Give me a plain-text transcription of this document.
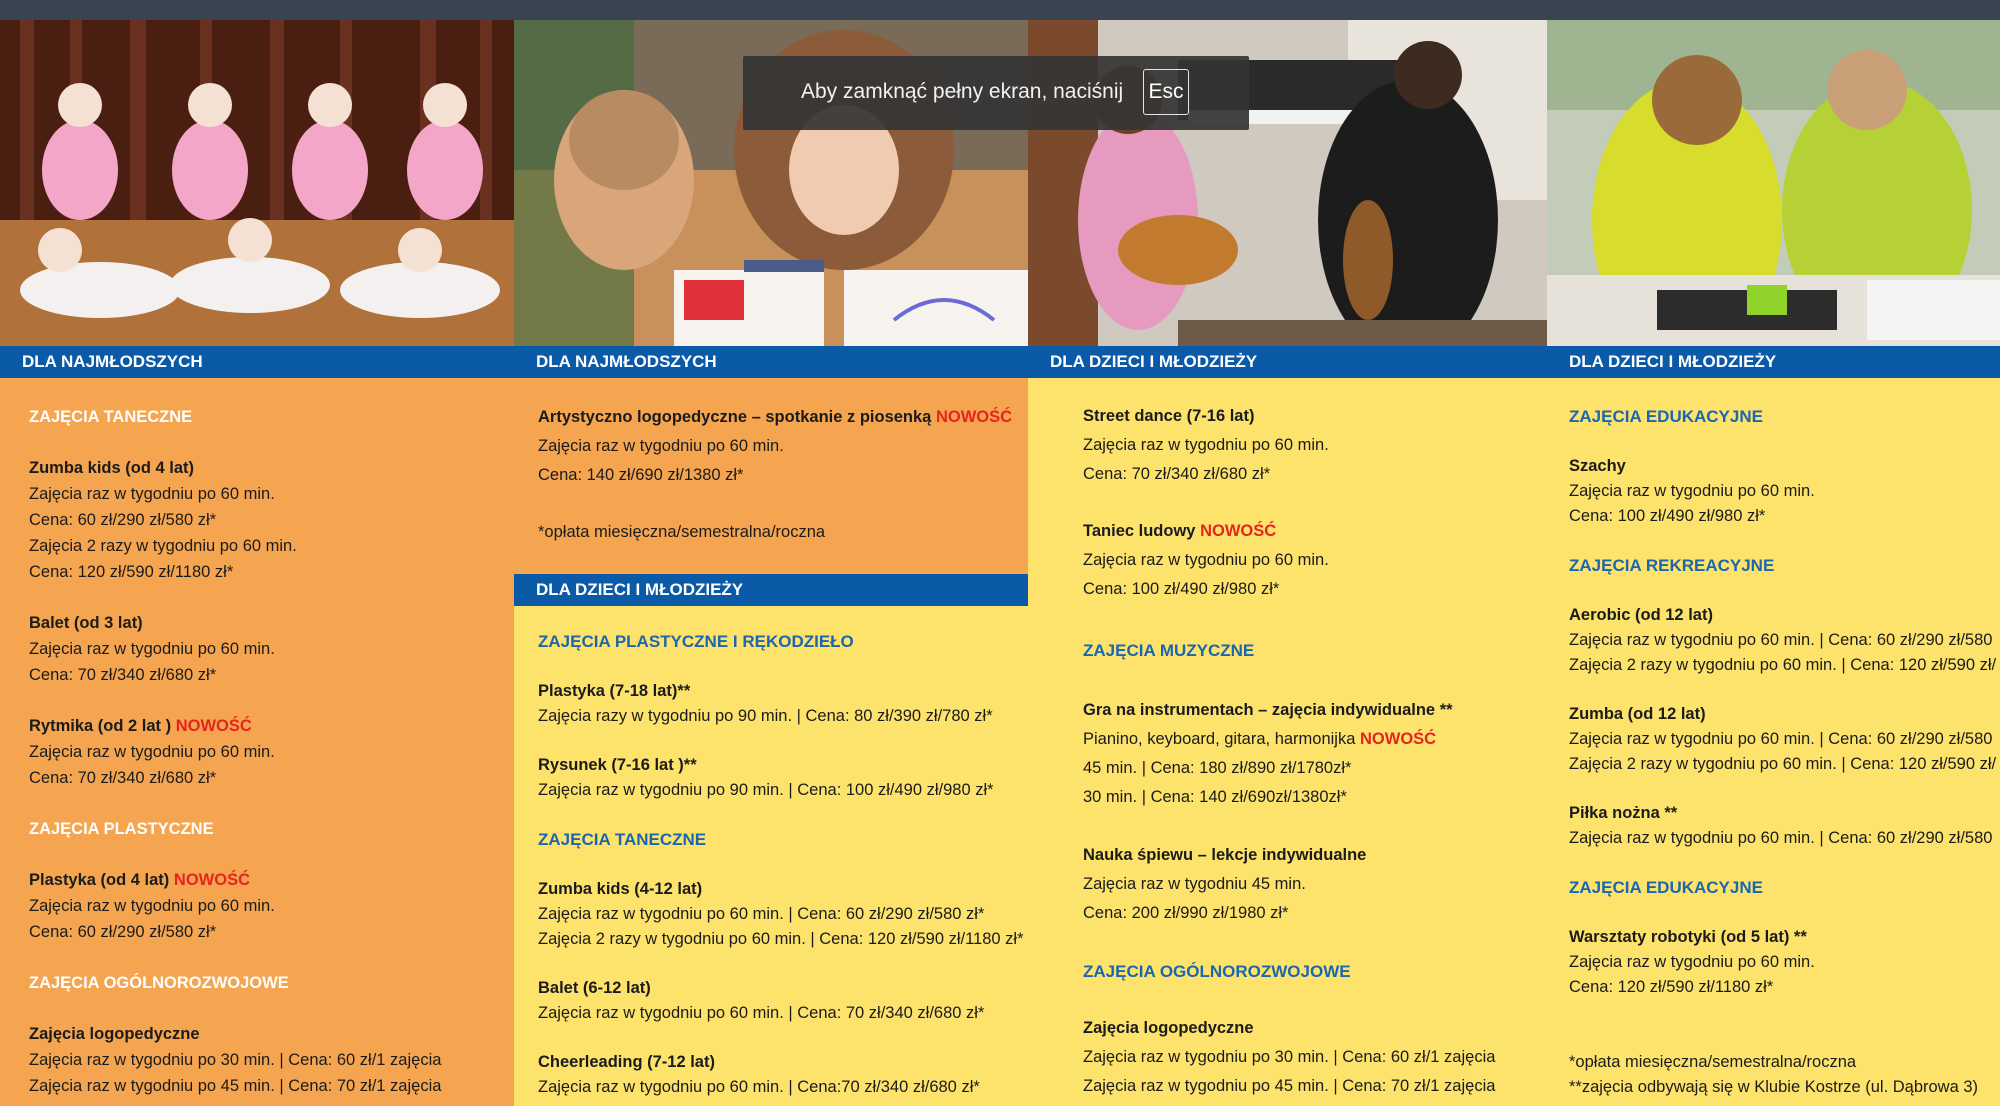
DLA NAJMŁODSZYCH
ZAJĘCIA TANECZNE
Zumba kids (od 4 lat)
Zajęcia raz w tygodniu po 60 min.
Cena: 60 zł/290 zł/580 zł*
Zajęcia 2 razy w tygodniu po 60 min.
Cena: 120 zł/590 zł/1180 zł*
Balet (od 3 lat)
Zajęcia raz w tygodniu po 60 min.
Cena: 70 zł/340 zł/680 zł*
Rytmika (od 2 lat ) NOWOŚĆ
Zajęcia raz w tygodniu po 60 min.
Cena: 70 zł/340 zł/680 zł*
ZAJĘCIA PLASTYCZNE
Plastyka (od 4 lat) NOWOŚĆ
Zajęcia raz w tygodniu po 60 min.
Cena: 60 zł/290 zł/580 zł*
ZAJĘCIA OGÓLNOROZWOJOWE
Zajęcia logopedyczne
Zajęcia raz w tygodniu po 30 min. | Cena: 60 zł/1 zajęcia
Zajęcia raz w tygodniu po 45 min. | Cena: 70 zł/1 zajęcia
DLA NAJMŁODSZYCH
Artystyczno logopedyczne – spotkanie z piosenką NOWOŚĆ
Zajęcia raz w tygodniu po 60 min.
Cena: 140 zł/690 zł/1380 zł*
*opłata miesięczna/semestralna/roczna
DLA DZIECI I MŁODZIEŻY
ZAJĘCIA PLASTYCZNE I RĘKODZIEŁO
Plastyka (7-18 lat)**
Zajęcia razy w tygodniu po 90 min. | Cena: 80 zł/390 zł/780 zł*
Rysunek (7-16 lat )**
Zajęcia raz w tygodniu po 90 min. | Cena: 100 zł/490 zł/980 zł*
ZAJĘCIA TANECZNE
Zumba kids (4-12 lat)
Zajęcia raz w tygodniu po 60 min. | Cena: 60 zł/290 zł/580 zł*
Zajęcia 2 razy w tygodniu po 60 min. | Cena: 120 zł/590 zł/1180 zł*
Balet (6-12 lat)
Zajęcia raz w tygodniu po 60 min. | Cena: 70 zł/340 zł/680 zł*
Cheerleading (7-12 lat)
Zajęcia raz w tygodniu po 60 min. | Cena:70 zł/340 zł/680 zł*
DLA DZIECI I MŁODZIEŻY
Street dance (7-16 lat)
Zajęcia raz w tygodniu po 60 min.
Cena: 70 zł/340 zł/680 zł*
Taniec ludowy NOWOŚĆ
Zajęcia raz w tygodniu po 60 min.
Cena: 100 zł/490 zł/980 zł*
ZAJĘCIA MUZYCZNE
Gra na instrumentach – zajęcia indywidualne **
Pianino, keyboard, gitara, harmonijka NOWOŚĆ
45 min. | Cena: 180 zł/890 zł/1780zł*
30 min. | Cena: 140 zł/690zł/1380zł*
Nauka śpiewu – lekcje indywidualne
Zajęcia raz w tygodniu 45 min.
Cena: 200 zł/990 zł/1980 zł*
ZAJĘCIA OGÓLNOROZWOJOWE
Zajęcia logopedyczne
Zajęcia raz w tygodniu po 30 min. | Cena: 60 zł/1 zajęcia
Zajęcia raz w tygodniu po 45 min. | Cena: 70 zł/1 zajęcia
DLA DZIECI I MŁODZIEŻY
ZAJĘCIA EDUKACYJNE
Szachy
Zajęcia raz w tygodniu po 60 min.
Cena: 100 zł/490 zł/980 zł*
ZAJĘCIA REKREACYJNE
Aerobic (od 12 lat)
Zajęcia raz w tygodniu po 60 min. | Cena: 60 zł/290 zł/580
Zajęcia 2 razy w tygodniu po 60 min. | Cena: 120 zł/590 zł/
Zumba (od 12 lat)
Zajęcia raz w tygodniu po 60 min. | Cena: 60 zł/290 zł/580
Zajęcia 2 razy w tygodniu po 60 min. | Cena: 120 zł/590 zł/
Piłka nożna **
Zajęcia raz w tygodniu po 60 min. | Cena: 60 zł/290 zł/580
ZAJĘCIA EDUKACYJNE
Warsztaty robotyki (od 5 lat) **
Zajęcia raz w tygodniu po 60 min.
Cena: 120 zł/590 zł/1180 zł*
*opłata miesięczna/semestralna/roczna
**zajęcia odbywają się w Klubie Kostrze (ul. Dąbrowa 3)
Aby zamknąć pełny ekran, naciśnij Esc
